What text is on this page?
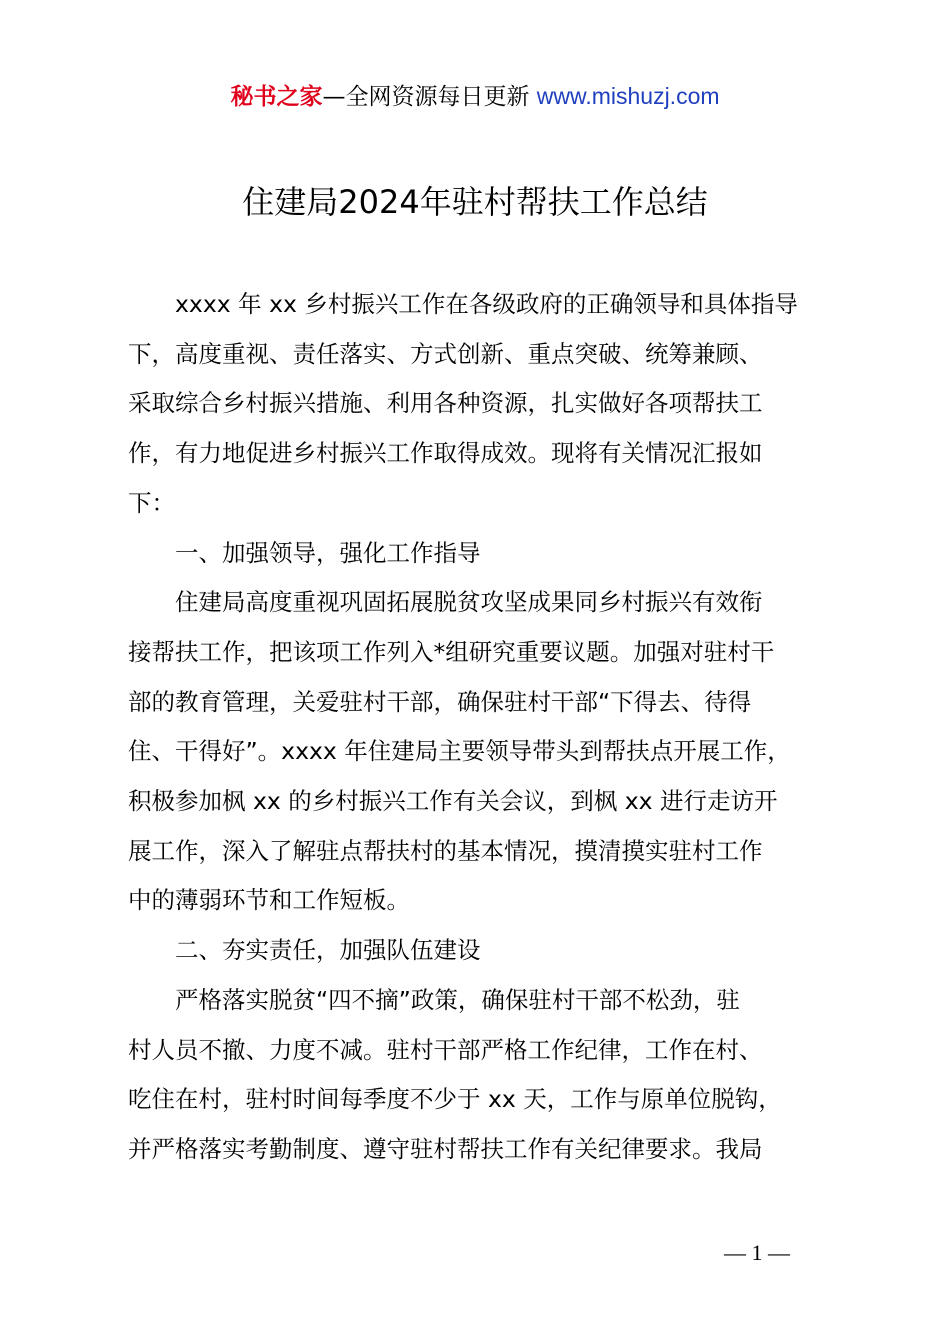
秘书之家—全网资源每日更新 www.mishuzj.com
住建局2024年驻村帮扶工作总结

xxxx 年 xx 乡村振兴工作在各级政府的正确领导和具体指导
下，高度重视、责任落实、方式创新、重点突破、统筹兼顾、
采取综合乡村振兴措施、利用各种资源，扎实做好各项帮扶工
作，有力地促进乡村振兴工作取得成效。现将有关情况汇报如
下：

一、加强领导，强化工作指导

住建局高度重视巩固拓展脱贫攻坚成果同乡村振兴有效衔
接帮扶工作，把该项工作列入*组研究重要议题。加强对驻村干
部的教育管理，关爱驻村干部，确保驻村干部“下得去、待得
住、干得好”。xxxx 年住建局主要领导带头到帮扶点开展工作，
积极参加枫 xx 的乡村振兴工作有关会议，到枫 xx 进行走访开
展工作，深入了解驻点帮扶村的基本情况，摸清摸实驻村工作
中的薄弱环节和工作短板。

二、夯实责任，加强队伍建设

严格落实脱贫“四不摘”政策，确保驻村干部不松劲，驻
村人员不撤、力度不减。驻村干部严格工作纪律，工作在村、
吃住在村，驻村时间每季度不少于 xx 天，工作与原单位脱钩，
并严格落实考勤制度、遵守驻村帮扶工作有关纪律要求。我局

— 1 —
